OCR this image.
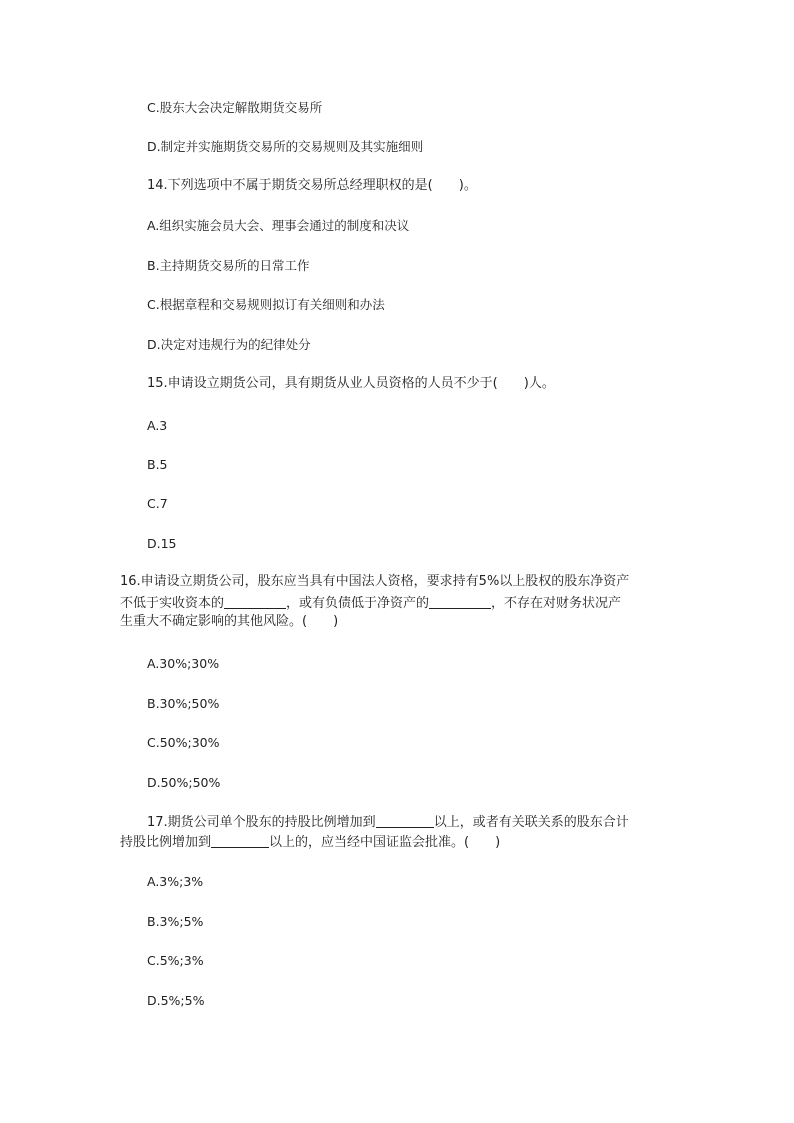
C.股东大会决定解散期货交易所
D.制定并实施期货交易所的交易规则及其实施细则
14.下列选项中不属于期货交易所总经理职权的是( )。
A.组织实施会员大会、理事会通过的制度和决议
B.主持期货交易所的日常工作
C.根据章程和交易规则拟订有关细则和办法
D.决定对违规行为的纪律处分
15.申请设立期货公司，具有期货从业人员资格的人员不少于( )人。
A.3
B.5
C.7
D.15
16.申请设立期货公司，股东应当具有中国法人资格，要求持有5%以上股权的股东净资产
不低于实收资本的	，或有负债低于净资产的	，不存在对财务状况产
生重大不确定影响的其他风险。( )
A.30%;30%
B.30%;50%
C.50%;30%
D.50%;50%
17.期货公司单个股东的持股比例增加到	以上，或者有关联关系的股东合计
持股比例增加到	以上的，应当经中国证监会批准。( )
A.3%;3%
B.3%;5%
C.5%;3%
D.5%;5%
